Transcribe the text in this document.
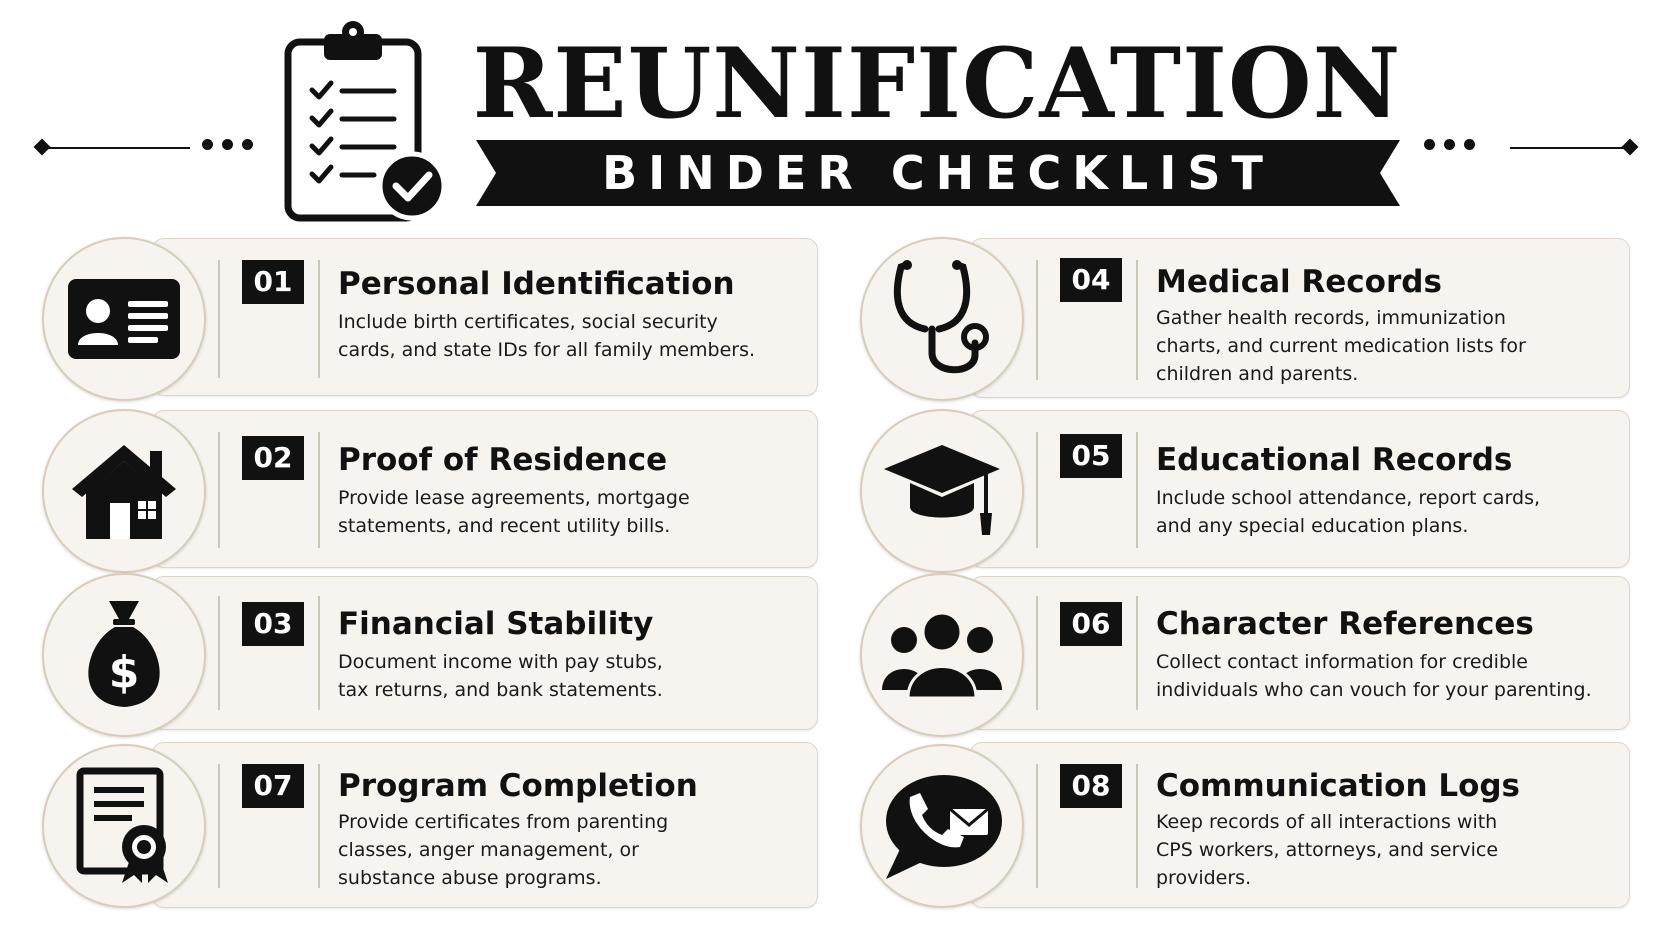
REUNIFICATION
BINDER CHECKLIST
01	Personal Identification
Include birth certificates, social security
cards, and state IDs for all family members.
02	Proof of Residence
Provide lease agreements, mortgage
statements, and recent utility bills.
$
03	Financial Stability
Document income with pay stubs,
tax returns, and bank statements.
07	Program Completion
Provide certificates from parenting
classes, anger management, or
substance abuse programs.
04	Medical Records
Gather health records, immunization
charts, and current medication lists for
children and parents.
05	Educational Records
Include school attendance, report cards,
and any special education plans.
06	Character References
Collect contact information for credible
individuals who can vouch for your parenting.
08	Communication Logs
Keep records of all interactions with
CPS workers, attorneys, and service
providers.
